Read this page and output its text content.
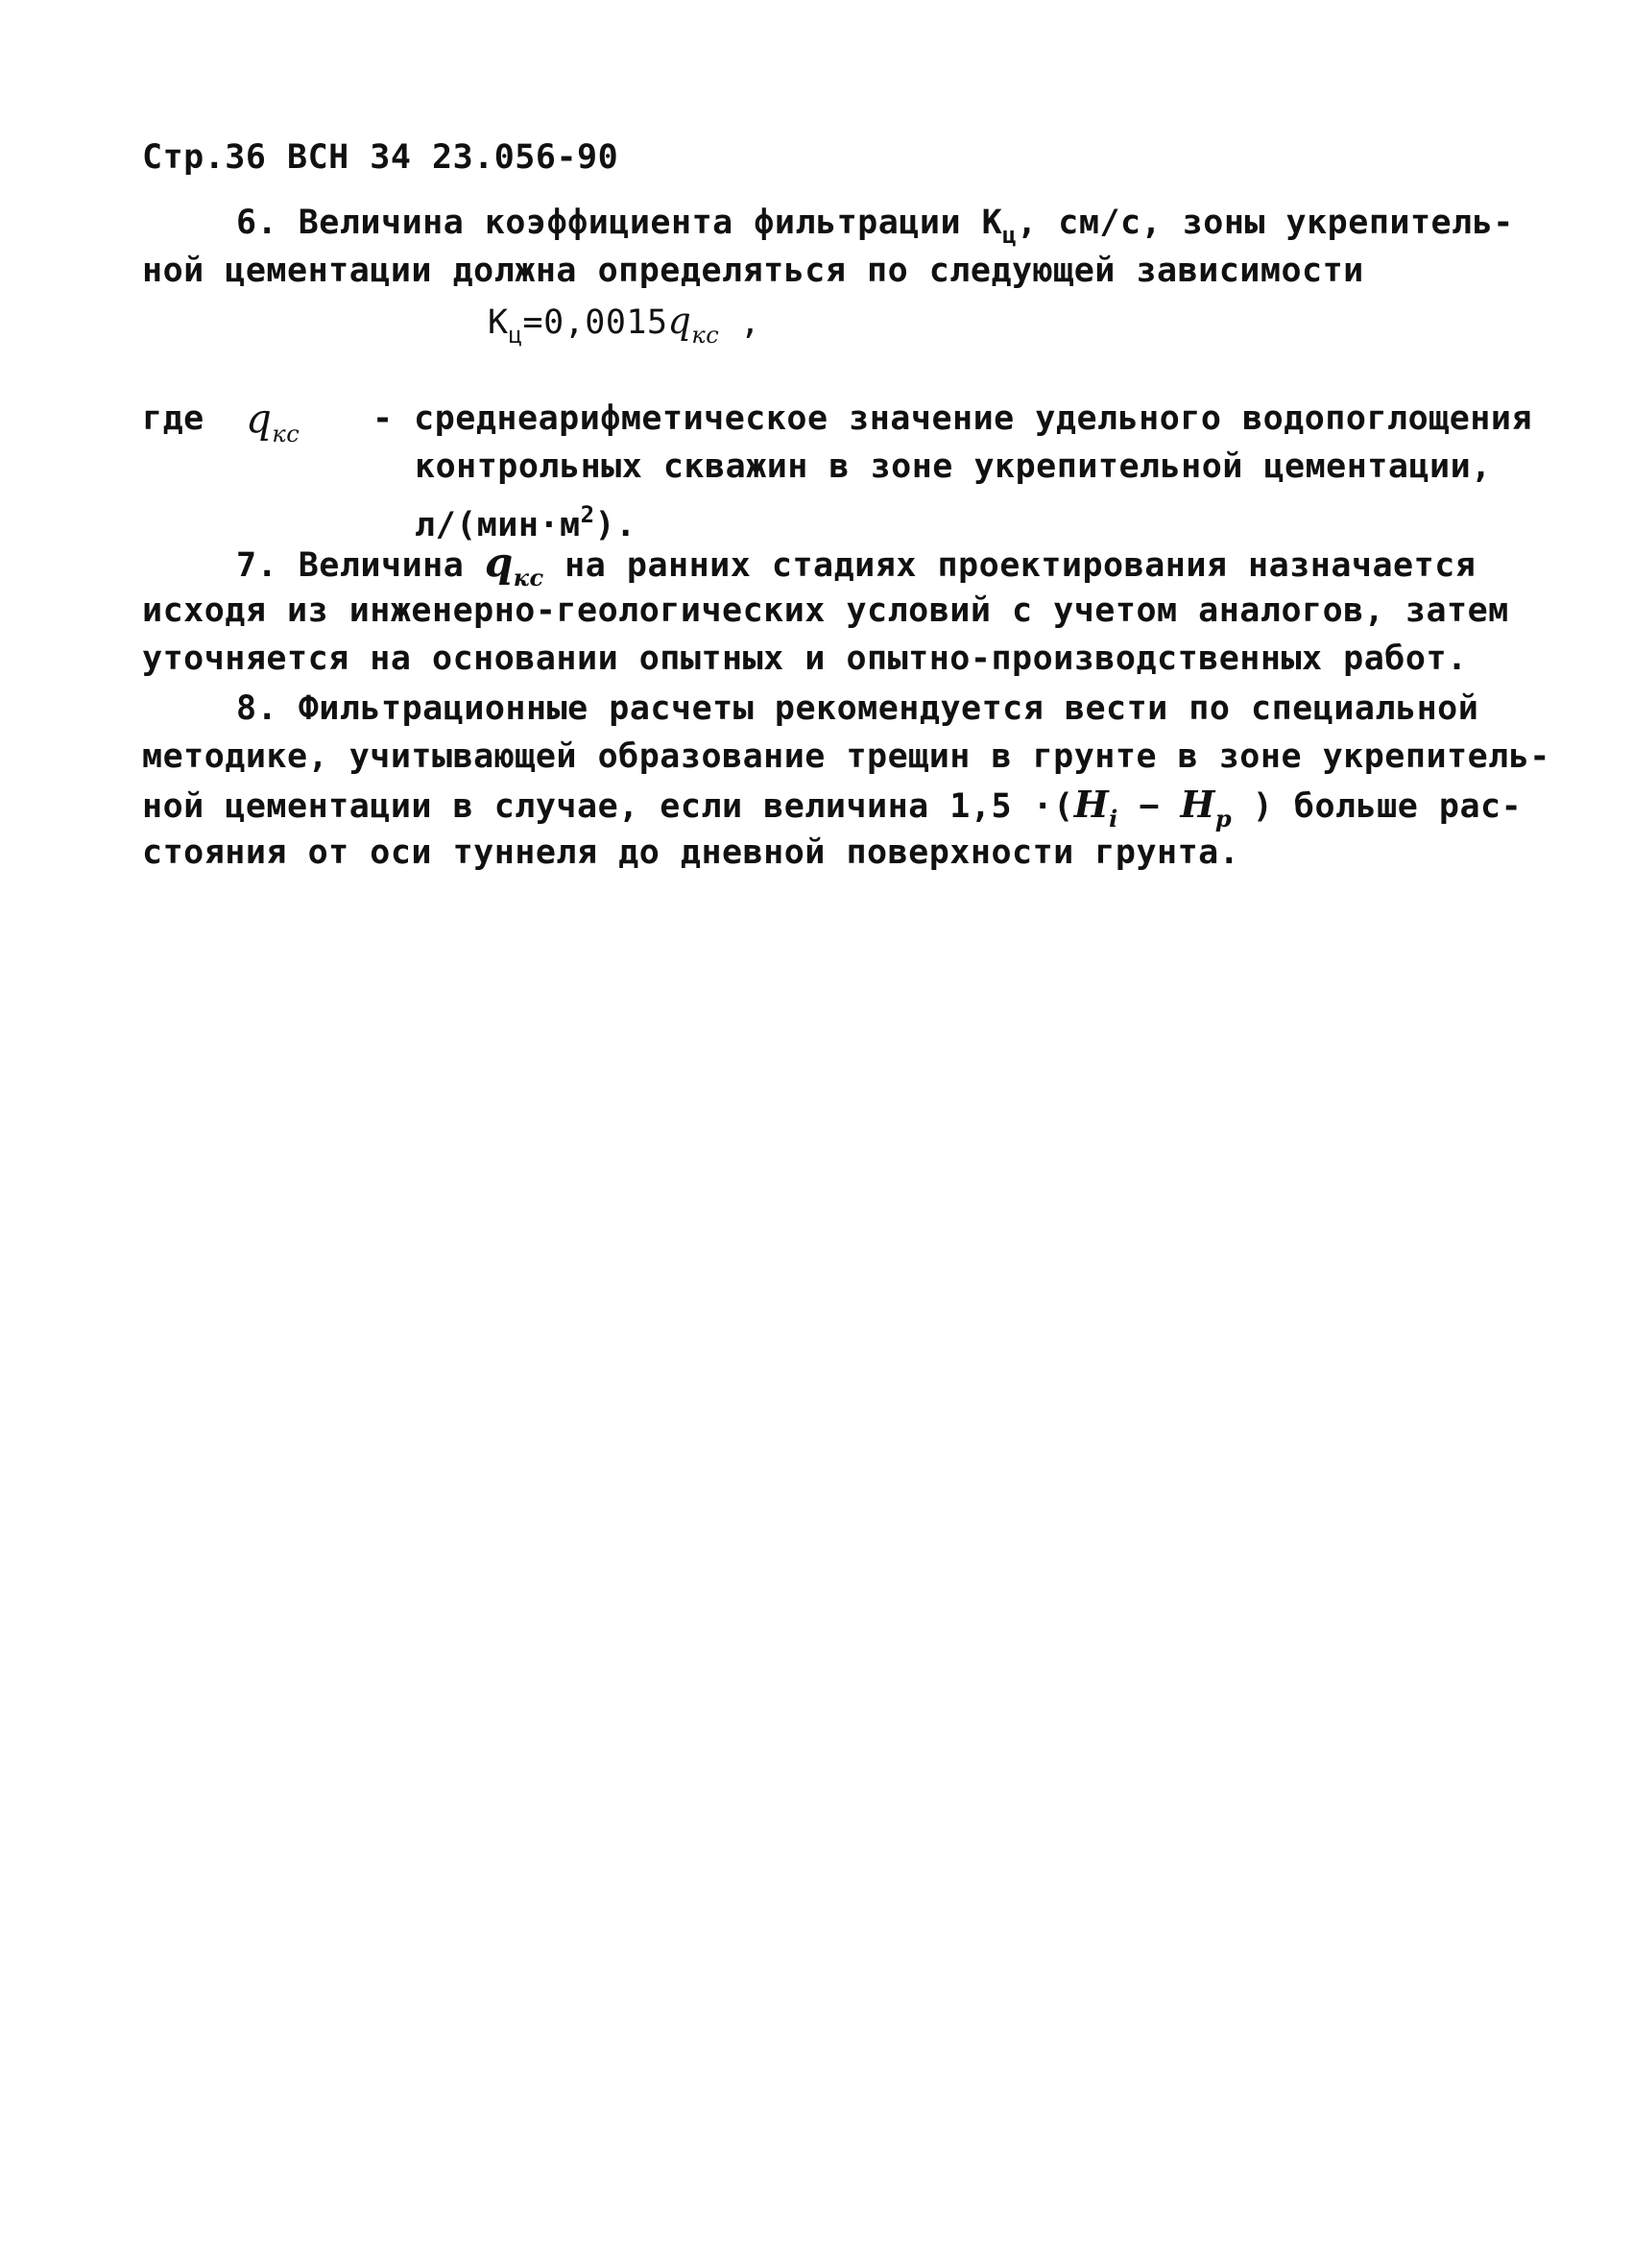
Стр.36 ВСН 34 23.056-90
6. Величина коэффициента фильтрации $К_ц$, см/с, зоны укрепитель-
ной цементации должна определяться по следующей зависимости
$К_ц=0,0015q_{кс}$ ,
где $q_{кс}$ - среднеарифметическое значение удельного водопоглощения
контрольных скважин в зоне укрепительной цементации,
$л/(мин\cdot м^2)$.
7. Величина $q_{кс}$ на ранних стадиях проектирования назначается
исходя из инженерно-геологических условий с учетом аналогов, затем
уточняется на основании опытных и опытно-производственных работ.
8. Фильтрационные расчеты рекомендуется вести по специальной
методике, учитывающей образование трещин в грунте в зоне укрепитель-
ной цементации в случае, если величина $1,5 \cdot(H_i - H_р$ ) больше рас-
стояния от оси туннеля до дневной поверхности грунта.
